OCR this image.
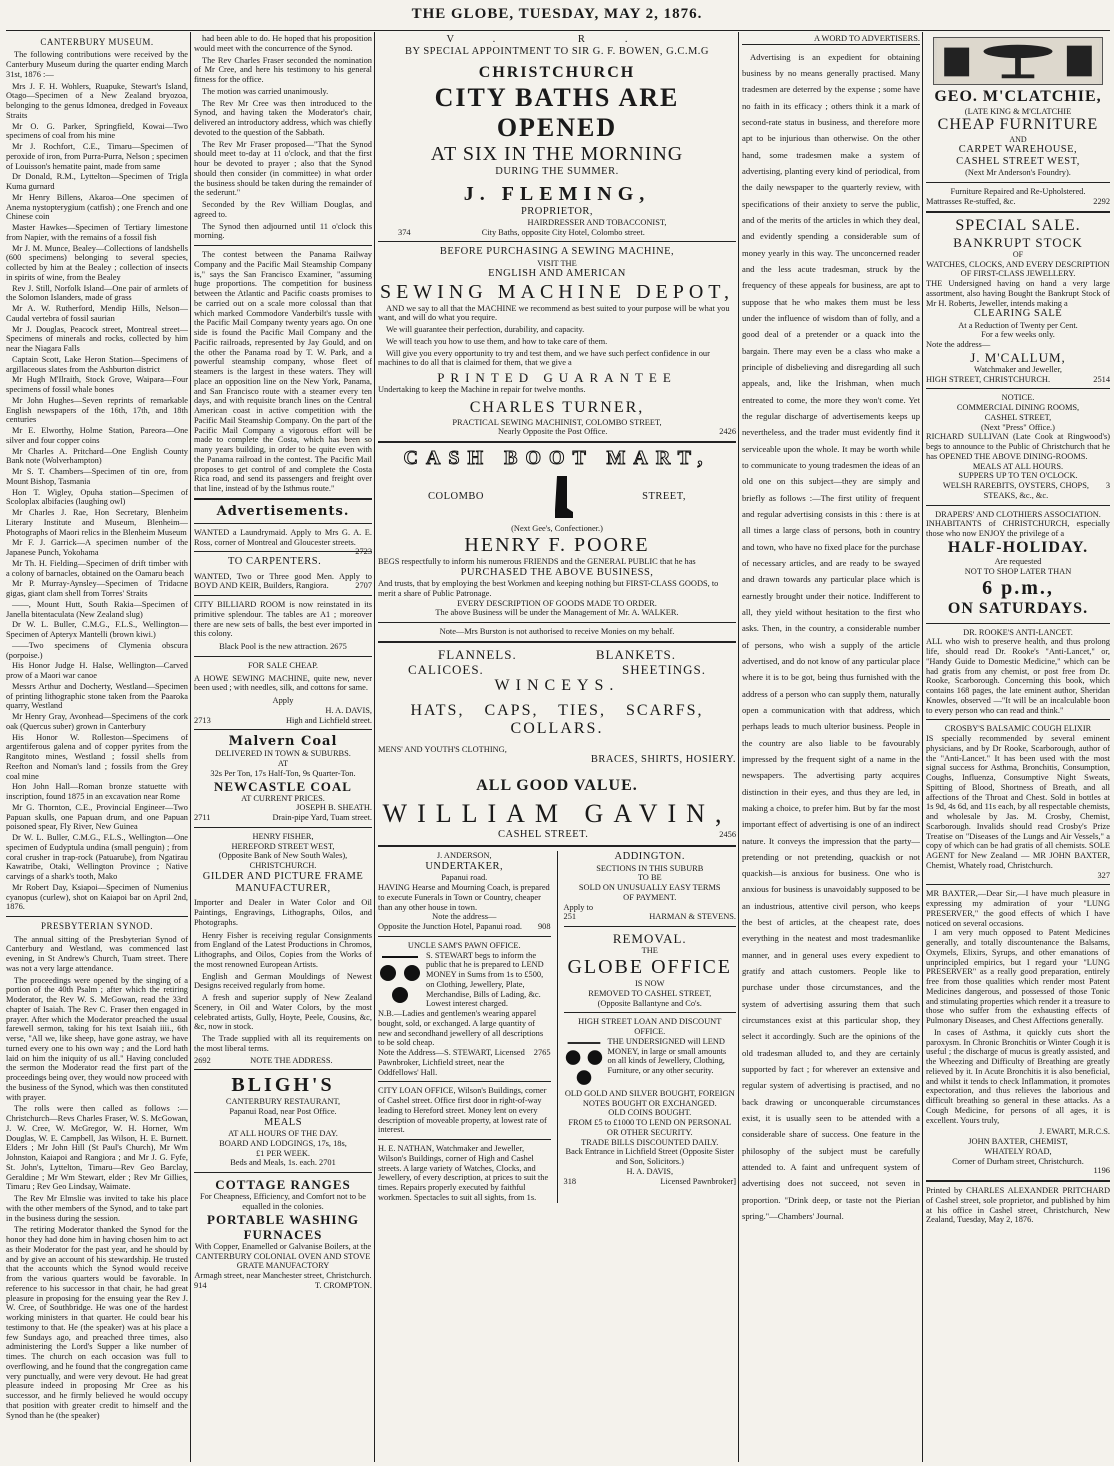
THE GLOBE, TUESDAY, MAY 2, 1876.
CANTERBURY MUSEUM.
The following contributions were received by the Canterbury Museum during the quarter ending March 31st, 1876 :—
Mrs J. F. H. Wohlers, Ruapuke, Stewart's Island, Otago—Specimen of a New Zealand bryozoa, belonging to the genus Idmonea, dredged in Foveaux Straits
Mr O. G. Parker, Springfield, Kowai—Two specimens of coal from his mine
Mr J. Rochfort, C.E., Timaru—Specimen of peroxide of iron, from Purra-Purra, Nelson ; specimen of Louisson's hematite paint, made from same
Dr Donald, R.M., Lyttelton—Specimen of Trigla Kuma gurnard
Mr Henry Billens, Akaroa—One specimen of Anema nystopterygium (catfish) ; one French and one Chinese coin
Master Hawkes—Specimen of Tertiary limestone from Napier, with the remains of a fossil fish
Mr J. M. Munce, Bealey—Collections of landshells (600 specimens) belonging to several species, collected by him at the Bealey ; collection of insects in spirits of wine, from the Bealey
Rev J. Still, Norfolk Island—One pair of armlets of the Solomon Islanders, made of grass
Mr A. W. Rutherford, Mendip Hills, Nelson—Caudal vertebra of fossil saurian
Mr J. Douglas, Peacock street, Montreal street—Specimens of minerals and rocks, collected by him near the Niagara Falls
Captain Scott, Lake Heron Station—Specimens of argillaceous slates from the Ashburton district
Mr Hugh M'Ilraith, Stock Grove, Waipara—Four specimens of fossil whale bones
Mr John Hughes—Seven reprints of remarkable English newspapers of the 16th, 17th, and 18th centuries
Mr E. Elworthy, Holme Station, Pareora—One silver and four copper coins
Mr Charles A. Pritchard—One English County Bank note (Wolverhampton)
Mr S. T. Chambers—Specimen of tin ore, from Mount Bishop, Tasmania
Hon T. Wigley, Opuha station—Specimen of Scoloplax albifacies (laughing owl)
Mr Charles J. Rae, Hon Secretary, Blenheim Literary Institute and Museum, Blenheim—Photographs of Maori relics in the Blenheim Museum
Mr F. J. Garrick—A specimen number of the Japanese Punch, Yokohama
Mr Th. H. Fielding—Specimen of drift timber with a colony of barnacles, obtained on the Oamaru beach
Mr P. Murray-Aynsley—Specimen of Tridacne gigas, giant clam shell from Torres' Straits
——, Mount Hutt, South Rakia—Specimen of Janella bitentaculata (New Zealand slug)
Dr W. L. Buller, C.M.G., F.L.S., Wellington—Specimen of Apteryx Mantelli (brown kiwi.)
——Two specimens of Clymenia obscura (porpoise.)
His Honor Judge H. Halse, Wellington—Carved prow of a Maori war canoe
Messrs Arthur and Docherty, Westland—Specimen of printing lithographic stone taken from the Paaroka quarry, Westland
Mr Henry Gray, Avonhead—Specimens of the cork oak (Quercus suber) grown in Canterbury
His Honor W. Rolleston—Specimens of argentiferous galena and of copper pyrites from the Rangitoto mines, Westland ; fossil shells from Reefton and Noman's land ; fossils from the Grey coal mine
Hon John Hall—Roman bronze statuette with inscription, found 1875 in an excavation near Rome
Mr G. Thornton, C.E., Provincial Engineer—Two Papuan skulls, one Papuan drum, and one Papuan poisoned spear, Fly River, New Guinea
Dr W. L. Buller, C.M.G., F.L.S., Wellington—One specimen of Eudyptula undina (small penguin) ; from coral crusher in trap-rock (Patuarube), from Ngatirau Kawatribe, Otaki, Wellington Province ; Native carvings of a shark's tooth, Mako
Mr Robert Day, Ksiapoi—Specimen of Numenius cyanopus (curlew), shot on Kaiapoi bar on April 2nd, 1876.
PRESBYTERIAN SYNOD.
The annual sitting of the Presbyterian Synod of Canterbury and Westland, was commenced last evening, in St Andrew's Church, Tuam street. There was not a very large attendance.
The proceedings were opened by the singing of a portion of the 40th Psalm ; after which the retiring Moderator, the Rev W. S. McGowan, read the 33rd chapter of Isaiah. The Rev C. Fraser then engaged in prayer. After which the Moderator preached the usual farewell sermon, taking for his text Isaiah iiii., 6th verse, "All we, like sheep, have gone astray, we have turned every one to his own way ; and the Lord hath laid on him the iniquity of us all." Having concluded the sermon the Moderator read the first part of the proceedings being over, they would now proceed with the business of the Synod, which was then constituted with prayer.
The rolls were then called as follows :—Christchurch—Revs Charles Fraser, W. S. McGowan, J. W. Cree, W. McGregor, W. H. Horner, Wm Douglas, W. E. Campbell, Jas Wilson, H. E. Burnett. Elders ; Mr John Hill (St Paul's Church), Mr Wm Johnston, Kaiapoi and Rangiora ; and Mr J. G. Fyfe, St. John's, Lyttelton, Timaru—Rev Geo Barclay, Geraldine ; Mr Wm Stewart, elder ; Rev Mr Gillies, Timaru ; Rev Geo Lindsay, Waimate.
The Rev Mr Elmslie was invited to take his place with the other members of the Synod, and to take part in the business during the session.
The retiring Moderator thanked the Synod for the honor they had done him in having chosen him to act as their Moderator for the past year, and he should by and by give an account of his stewardship. He trusted that the accounts which the Synod would receive from the various quarters would be favorable. In reference to his successor in that chair, he had great pleasure in proposing for the ensuing year the Rev J. W. Cree, of Southbridge. He was one of the hardest working ministers in that quarter. He could bear his testimony to that. He (the speaker) was at his place a few Sundays ago, and preached three times, also administering the Lord's Supper a like number of times. The church on each occasion was full to overflowing, and he found that the congregation came very punctually, and were very devout. He had great pleasure indeed in proposing Mr Cree as his successor, and he firmly believed he would occupy that position with greater credit to himself and the Synod than he (the speaker)
had been able to do. He hoped that his proposition would meet with the concurrence of the Synod.
The Rev Charles Fraser seconded the nomination of Mr Cree, and here his testimony to his general fitness for the office.
The motion was carried unanimously.
The Rev Mr Cree was then introduced to the Synod, and having taken the Moderator's chair, delivered an introductory address, which was chiefly devoted to the question of the Sabbath.
The Rev Mr Fraser proposed—"That the Synod should meet to-day at 11 o'clock, and that the first hour be devoted to prayer ; also that the Synod should then consider (in committee) in what order the business should be taken during the remainder of the sederunt."
Seconded by the Rev William Douglas, and agreed to.
The Synod then adjourned until 11 o'clock this morning.
The contest between the Panama Railway Company and the Pacific Mail Steamship Company is," says the San Francisco Examiner, "assuming huge proportions. The competition for business between the Atlantic and Pacific coasts promises to be carried out on a scale more colossal than that which marked Commodore Vanderbilt's tussle with the Pacific Mail Company twenty years ago. On one side is found the Pacific Mail Company and the Pacific railroads, represented by Jay Gould, and on the other the Panama road by T. W. Park, and a powerful steamship company, whose fleet of steamers is the largest in these waters. They will place an opposition line on the New York, Panama, and San Francisco route with a steamer every ten days, and with requisite branch lines on the Central American coast in active competition with the Pacific Mail Steamship Company. On the part of the Pacific Mail Company a vigorous effort will be made to complete the Costa, which has been so many years building, in order to be quite even with the Panama railroad in the contest. The Pacific Mail proposes to get control of and complete the Costa Rica road, and send its passengers and freight over that line, instead of by the Isthmus route."
Advertisements.
WANTED a Laundrymaid. Apply to Mrs G. A. E. Ross, corner of Montreal and Gloucester streets.
2723
TO CARPENTERS.
WANTED, Two or Three good Men. Apply to BOYD AND KEIR, Builders, Rangiora.	2707
CITY BILLIARD ROOM is now reinstated in its primitive splendour. The tables are A1 ; moreover there are new sets of balls, the best ever imported in this colony.
Black Pool is the new attraction. 2675
FOR SALE CHEAP.
A HOWE SEWING MACHINE, quite new, never been used ; with needles, silk, and cottons for same.
Apply
H. A. DAVIS,
2713	High and Lichfield street.
Malvern Coal
DELIVERED IN TOWN & SUBURBS.
AT
32s Per Ton, 17s Half-Ton, 9s Quarter-Ton.
NEWCASTLE COAL
AT CURRENT PRICES.
JOSEPH B. SHEATH.
2711	Drain-pipe Yard, Tuam street.
HENRY FISHER,
HEREFORD STREET WEST,
(Opposite Bank of New South Wales),
CHRISTCHURCH.
GILDER AND PICTURE FRAME MANUFACTURER,
Importer and Dealer in Water Color and Oil Paintings, Engravings, Lithographs, Oilos, and Photographs.
Henry Fisher is receiving regular Consignments from England of the Latest Productions in Chromos, Lithographs, and Oilos, Copies from the Works of the most renowned European Artists.
English and German Mouldings of Newest Designs received regularly from home.
A fresh and superior supply of New Zealand Scenery, in Oil and Water Colors, by the most celebrated artists, Gully, Hoyte, Peele, Cousins, &c, &c, now in stock.
The Trade supplied with all its requirements on the most liberal terms.
2692	NOTE THE ADDRESS.
BLIGH'S
CANTERBURY RESTAURANT,
Papanui Road, near Post Office.
MEALS
AT ALL HOURS OF THE DAY.
BOARD AND LODGINGS, 17s, 18s,
£1 PER WEEK.
Beds and Meals, 1s. each. 2701
COTTAGE RANGES
For Cheapness, Efficiency, and Comfort not to be equalled in the colonies.
PORTABLE WASHING
FURNACES
With Copper, Enamelled or Galvanise Boilers, at the
CANTERBURY COLONIAL OVEN AND STOVE GRATE MANUFACTORY
Armagh street, near Manchester street, Christchurch.
914	T. CROMPTON.
V. R.
BY SPECIAL APPOINTMENT TO SIR G. F. BOWEN, G.C.M.G
CHRISTCHURCH
CITY BATHS ARE OPENED
AT SIX IN THE MORNING
DURING THE SUMMER.
J. FLEMING,
PROPRIETOR,
HAIRDRESSER AND TOBACCONIST,
374	City Baths, opposite City Hotel, Colombo street.
BEFORE PURCHASING A SEWING MACHINE,
VISIT THE
ENGLISH AND AMERICAN
SEWING MACHINE DEPOT,
AND we say to all that the MACHINE we recommend as best suited to your purpose will be what you want, and will do what you require.
We will guarantee their perfection, durability, and capacity.
We will teach you how to use them, and how to take care of them.
Will give you every opportunity to try and test them, and we have such perfect confidence in our machines to do all that is claimed for them, that we give a
PRINTED GUARANTEE
Undertaking to keep the Machine in repair for twelve months.
CHARLES TURNER,
PRACTICAL SEWING MACHINIST, COLOMBO STREET,
Nearly Opposite the Post Office.	2426
CASH BOOT MART,
COLOMBO	STREET,
(Next Gee's, Confectioner.)
HENRY F. POORE
BEGS respectfully to inform his numerous FRIENDS and the GENERAL PUBLIC that he has
PURCHASED THE ABOVE BUSINESS,
And trusts, that by employing the best Workmen and keeping nothing but FIRST-CLASS GOODS, to merit a share of Public Patronage.
EVERY DESCRIPTION OF GOODS MADE TO ORDER.
The above Business will be under the Management of Mr. A. WALKER.
Note—Mrs Burston is not authorised to receive Monies on my behalf.
FLANNELS.	BLANKETS.
CALICOES.	SHEETINGS.
WINCEYS.
HATS, CAPS, TIES, SCARFS, COLLARS.
MENS' AND YOUTH'S CLOTHING,
BRACES, SHIRTS, HOSIERY.
ALL GOOD VALUE.
WILLIAM GAVIN,
CASHEL STREET.	2456
J. ANDERSON,
UNDERTAKER,
Papanui road.
HAVING Hearse and Mourning Coach, is prepared to execute Funerals in Town or Country, cheaper than any other house in town.
Note the address—
Opposite the Junction Hotel, Papanui road. 908
UNCLE SAM'S PAWN OFFICE.
S. STEWART begs to inform the public that he is prepared to LEND MONEY in Sums from 1s to £500, on Clothing, Jewellery, Plate, Merchandise, Bills of Lading, &c. Lowest interest charged.
N.B.—Ladies and gentlemen's wearing apparel bought, sold, or exchanged. A large quantity of new and secondhand jewellery of all descriptions to be sold cheap.
Note the Address—S. STEWART, Licensed Pawnbroker, Lichfield street, near the Oddfellows' Hall.
2765
CITY LOAN OFFICE, Wilson's Buildings, corner of Cashel street. Office first door in right-of-way leading to Hereford street. Money lent on every description of moveable property, at lowest rate of interest.
H. E. NATHAN, Watchmaker and Jeweller, Wilson's Buildings, corner of High and Cashel streets. A large variety of Watches, Clocks, and Jewellery, of every description, at prices to suit the times. Repairs properly executed by faithful workmen. Spectacles to suit all sights, from 1s.
ADDINGTON.
SECTIONS IN THIS SUBURB
TO BE
SOLD ON UNUSUALLY EASY TERMS
OF PAYMENT.
Apply to
251	HARMAN & STEVENS.
REMOVAL.
THE
GLOBE OFFICE
IS NOW
REMOVED TO CASHEL STREET,
(Opposite Ballantyne and Co's.
HIGH STREET LOAN AND DISCOUNT OFFICE.
THE UNDERSIGNED will LEND MONEY, in large or small amounts on all kinds of Jewellery, Clothing, Furniture, or any other security.
OLD GOLD AND SILVER BOUGHT, FOREIGN NOTES BOUGHT OR EXCHANGED.
OLD COINS BOUGHT.
FROM £5 to £1000 TO LEND ON PERSONAL OR OTHER SECURITY.
TRADE BILLS DISCOUNTED DAILY.
Back Entrance in Lichfield Street (Opposite Sister and Son, Solicitors.)
H. A. DAVIS,
318	Licensed Pawnbroker]
A WORD TO ADVERTISERS.
Advertising is an expedient for obtaining business by no means generally practised. Many tradesmen are deterred by the expense ; some have no faith in its efficacy ; others think it a mark of second-rate status in business, and therefore more apt to be injurious than otherwise. On the other hand, some tradesmen make a system of advertising, planting every kind of periodical, from the daily newspaper to the quarterly review, with specifications of their anxiety to serve the public, and of the merits of the articles in which they deal, and evidently spending a considerable sum of money yearly in this way. The unconcerned reader and the less acute tradesman, struck by the frequency of these appeals for business, are apt to suppose that he who makes them must be less under the influence of wisdom than of folly, and a good deal of a pretender or a quack into the bargain. There may even be a class who make a principle of disbelieving and disregarding all such appeals, and, like the Irishman, when much entreated to come, the more they won't come. Yet the regular discharge of advertisements keeps up nevertheless, and the trader must evidently find it serviceable upon the whole. It may be worth while to communicate to young tradesmen the ideas of an old one on this subject—they are simply and briefly as follows :—The first utility of frequent and regular advertising consists in this : there is at all times a large class of persons, both in country and town, who have no fixed place for the purchase of necessary articles, and are ready to be swayed and drawn towards any particular place which is earnestly brought under their notice. Indifferent to all, they yield without hesitation to the first who asks. Then, in the country, a considerable number of persons, who wish a supply of the article advertised, and do not know of any particular place where it is to be got, being thus furnished with the address of a person who can supply them, naturally open a communication with that address, which perhaps leads to much ulterior business. People in the country are also liable to be favourably impressed by the frequent sight of a name in the newspapers. The advertising party acquires distinction in their eyes, and thus they are led, in making a choice, to prefer him. But by far the most important effect of advertising is one of an indirect nature. It conveys the impression that the party—pretending or not pretending, quackish or not quackish—is anxious for business. One who is anxious for business is unavoidably supposed to be an industrious, attentive civil person, who keeps the best of articles, at the cheapest rate, does everything in the neatest and most tradesmanlike manner, and in general uses every expedient to gratify and attach customers. People like to purchase under those circumstances, and the system of advertising assuring them that such circumstances exist at this particular shop, they select it accordingly. Such are the opinions of the old tradesman alluded to, and they are certainly supported by fact ; for wherever an extensive and regular system of advertising is practised, and no back drawing or unconquerable circumstances exist, it is usually seen to be attended with a considerable share of success. One feature in the philosophy of the subject must be carefully attended to. A faint and unfrequent system of advertising does not succeed, not seven in proportion. "Drink deep, or taste not the Pierian spring."—Chambers' Journal.
GEO. M'CLATCHIE,
(LATE KING & M'CLATCHIE
CHEAP FURNITURE
AND
CARPET WAREHOUSE,
CASHEL STREET WEST,
(Next Mr Anderson's Foundry).
Furniture Repaired and Re-Upholstered.
Mattrasses Re-stuffed, &c.	2292
SPECIAL SALE.
BANKRUPT STOCK
OF
WATCHES, CLOCKS, AND EVERY DESCRIPTION OF FIRST-CLASS JEWELLERY.
THE Undersigned having on hand a very large assortment, also having Bought the Bankrupt Stock of Mr H. Roberts, Jeweller, intends making a
CLEARING SALE
At a Reduction of Twenty per Cent.
For a few weeks only.
Note the address—
J. M'CALLUM,
Watchmaker and Jeweller,
HIGH STREET, CHRISTCHURCH.	2514
NOTICE.
COMMERCIAL DINING ROOMS,
CASHEL STREET,
(Next "Press" Office.)
RICHARD SULLIVAN (Late Cook at Ringwood's) begs to announce to the Public of Christchurch that he has OPENED THE ABOVE DINING-ROOMS.
MEALS AT ALL HOURS.
SUPPERS UP TO TEN O'CLOCK.
WELSH RAREBITS, OYSTERS, CHOPS, STEAKS, &c., &c.
3
DRAPERS' AND CLOTHIERS ASSOCIATION.
INHABITANTS of CHRISTCHURCH, especially those who now ENJOY the privilege of a
HALF-HOLIDAY.
Are requested
NOT TO SHOP LATER THAN
6 p.m.,
ON SATURDAYS.
DR. ROOKE'S ANTI-LANCET.
ALL who wish to preserve health, and thus prolong life, should read Dr. Rooke's "Anti-Lancet," or, "Handy Guide to Domestic Medicine," which can be had gratis from any chemist, or post free from Dr. Rooke, Scarborough. Concerning this book, which contains 168 pages, the late eminent author, Sheridan Knowles, observed —"It will be an incalculable boon to every person who can read and think."
CROSBY'S BALSAMIC COUGH ELIXIR
IS specially recommended by several eminent physicians, and by Dr Rooke, Scarborough, author of the "Anti-Lancet." It has been used with the most signal success for Asthma, Bronchitis, Consumption, Coughs, Influenza, Consumptive Night Sweats, Spitting of Blood, Shortness of Breath, and all affections of the Throat and Chest. Sold in bottles at 1s 9d, 4s 6d, and 11s each, by all respectable chemists, and wholesale by Jas. M. Crosby, Chemist, Scarborough. Invalids should read Crosby's Prize Treatise on "Diseases of the Lungs and Air Vessels," a copy of which can be had gratis of all chemists. SOLE AGENT for New Zealand — MR JOHN BAXTER, Chemist, Whately road, Christchurch.
327
MR BAXTER,—Dear Sir,—I have much pleasure in expressing my admiration of your "LUNG PRESERVER," the good effects of which I have noticed on several occasions.
I am very much opposed to Patent Medicines generally, and totally discountenance the Balsams, Oxymels, Elixirs, Syrups, and other emanations of unprincipled empirics, but I regard your "LUNG PRESERVER" as a really good preparation, entirely free from those qualities which render most Patent Medicines dangerous, and possessed of those Tonic and stimulating properties which render it a treasure to those who suffer from the exhausting effects of Pulmonary Diseases, and Chest Affections generally.
In cases of Asthma, it quickly cuts short the paroxysm. In Chronic Bronchitis or Winter Cough it is useful ; the discharge of mucus is greatly assisted, and the Wheezing and Difficulty of Breathing are greatly relieved by it. In Acute Bronchitis it is also beneficial, and whilst it tends to check Inflammation, it promotes expectoration, and thus relieves the laborious and difficult breathing so general in these attacks. As a Cough Medicine, for persons of all ages, it is excellent. Yours truly,
J. EWART, M.R.C.S.
JOHN BAXTER, CHEMIST,
WHATELY ROAD,
Corner of Durham street, Christchurch.
1196
Printed by CHARLES ALEXANDER PRITCHARD of Cashel street, sole proprietor, and published by him at his office in Cashel street, Christchurch, New Zealand, Tuesday, May 2, 1876.
